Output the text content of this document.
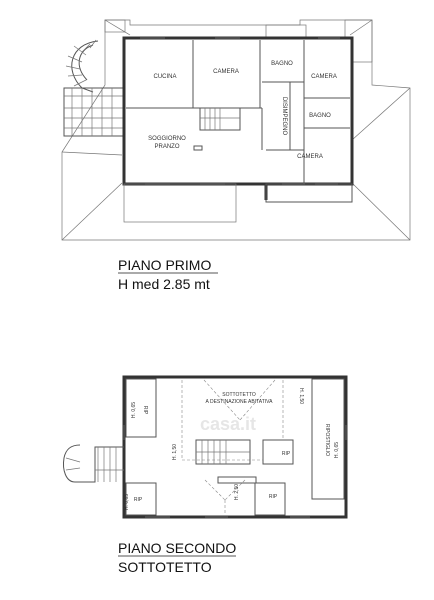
CUCINA
CAMERA
BAGNO
CAMERA
BAGNO
DISIMPEGNO
SOGGIORNO
PRANZO
CAMERA
PIANO PRIMO
H med 2.85 mt
SOTTOTETTO
A DESTINAZIONE ABITATIVA
RIP
H. 0,65
H. 1,50
H. 1,50
RIPOSTIGLIO H. 0,65
RIP
H. 2,50	RIP
RIP
H. 0,65
PIANO SECONDO
SOTTOTETTO
casa.it
